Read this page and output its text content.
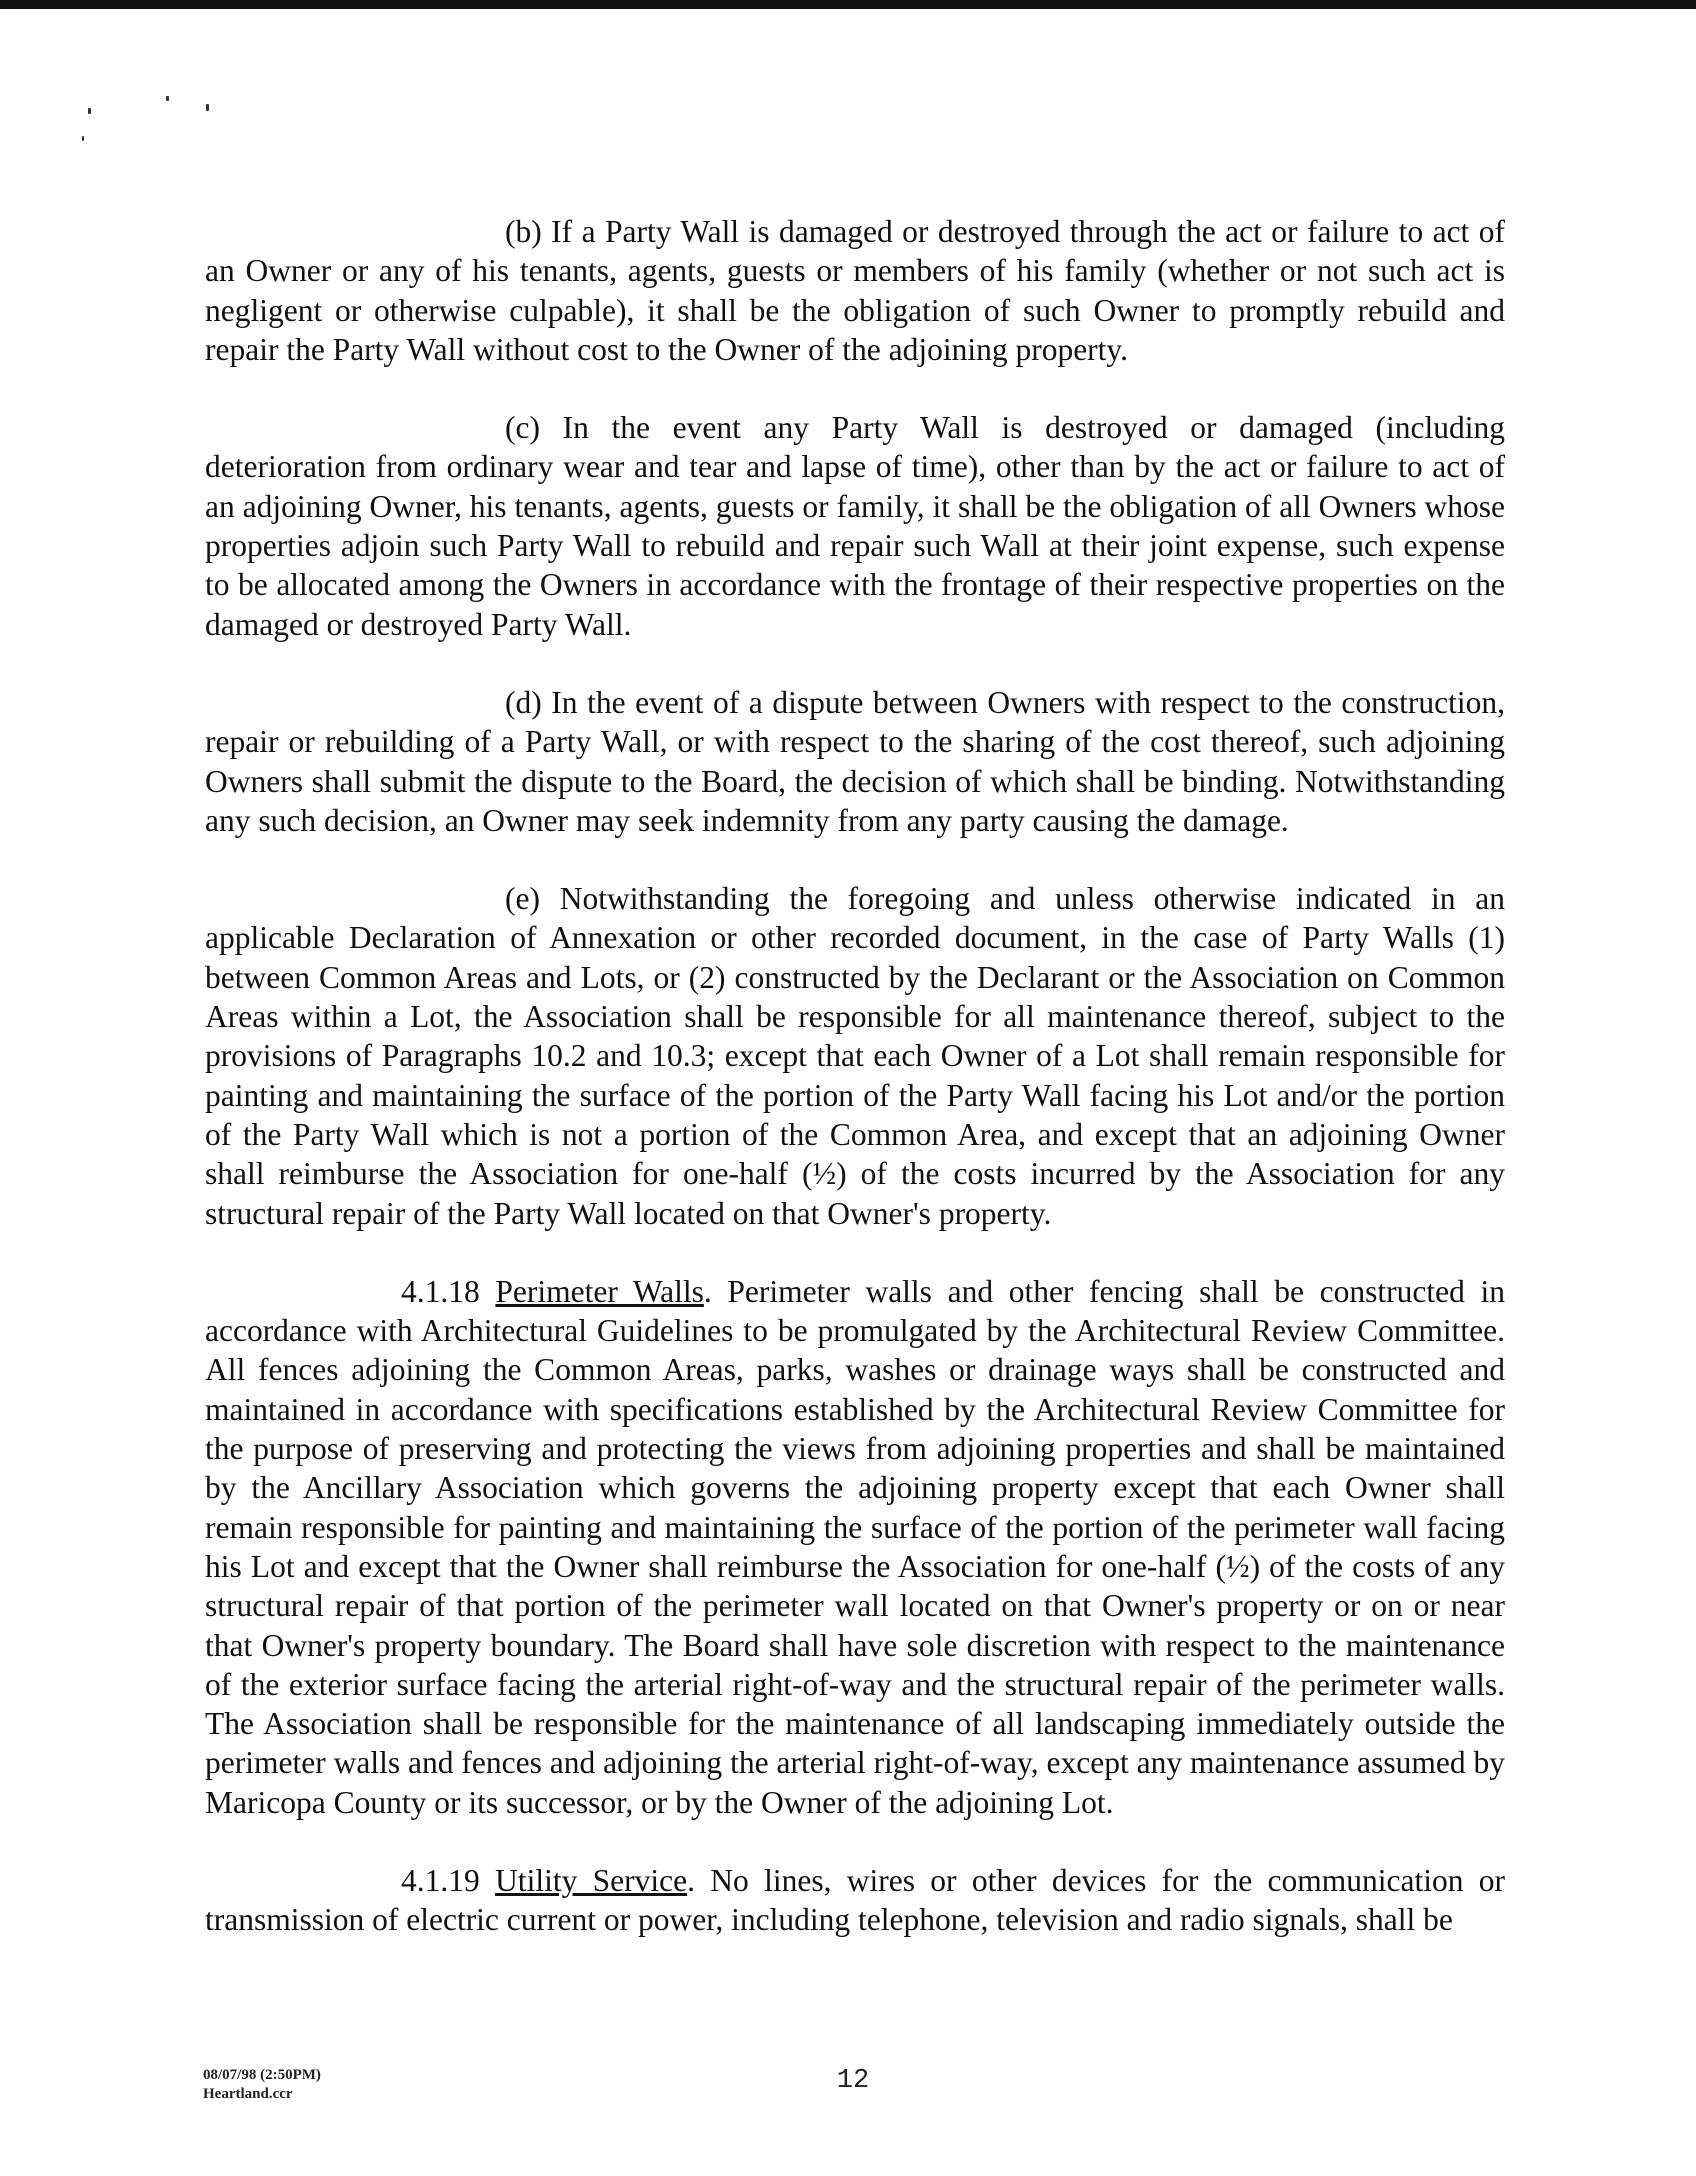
(b) If a Party Wall is damaged or destroyed through the act or failure to act of an Owner or any of his tenants, agents, guests or members of his family (whether or not such act is negligent or otherwise culpable), it shall be the obligation of such Owner to promptly rebuild and repair the Party Wall without cost to the Owner of the adjoining property.

(c) In the event any Party Wall is destroyed or damaged (including deterioration from ordinary wear and tear and lapse of time), other than by the act or failure to act of an adjoining Owner, his tenants, agents, guests or family, it shall be the obligation of all Owners whose properties adjoin such Party Wall to rebuild and repair such Wall at their joint expense, such expense to be allocated among the Owners in accordance with the frontage of their respective properties on the damaged or destroyed Party Wall.

(d) In the event of a dispute between Owners with respect to the construction, repair or rebuilding of a Party Wall, or with respect to the sharing of the cost thereof, such adjoining Owners shall submit the dispute to the Board, the decision of which shall be binding. Notwithstanding any such decision, an Owner may seek indemnity from any party causing the damage.

(e) Notwithstanding the foregoing and unless otherwise indicated in an applicable Declaration of Annexation or other recorded document, in the case of Party Walls (1) between Common Areas and Lots, or (2) constructed by the Declarant or the Association on Common Areas within a Lot, the Association shall be responsible for all maintenance thereof, subject to the provisions of Paragraphs 10.2 and 10.3; except that each Owner of a Lot shall remain responsible for painting and maintaining the surface of the portion of the Party Wall facing his Lot and/or the portion of the Party Wall which is not a portion of the Common Area, and except that an adjoining Owner shall reimburse the Association for one-half (½) of the costs incurred by the Association for any structural repair of the Party Wall located on that Owner's property.

4.1.18 Perimeter Walls. Perimeter walls and other fencing shall be constructed in accordance with Architectural Guidelines to be promulgated by the Architectural Review Committee. All fences adjoining the Common Areas, parks, washes or drainage ways shall be constructed and maintained in accordance with specifications established by the Architectural Review Committee for the purpose of preserving and protecting the views from adjoining properties and shall be maintained by the Ancillary Association which governs the adjoining property except that each Owner shall remain responsible for painting and maintaining the surface of the portion of the perimeter wall facing his Lot and except that the Owner shall reimburse the Association for one-half (½) of the costs of any structural repair of that portion of the perimeter wall located on that Owner's property or on or near that Owner's property boundary. The Board shall have sole discretion with respect to the maintenance of the exterior surface facing the arterial right-of-way and the structural repair of the perimeter walls. The Association shall be responsible for the maintenance of all landscaping immediately outside the perimeter walls and fences and adjoining the arterial right-of-way, except any maintenance assumed by Maricopa County or its successor, or by the Owner of the adjoining Lot.

4.1.19 Utility Service. No lines, wires or other devices for the communication or transmission of electric current or power, including telephone, television and radio signals, shall be

08/07/98 (2:50PM)
Heartland.ccr	12
